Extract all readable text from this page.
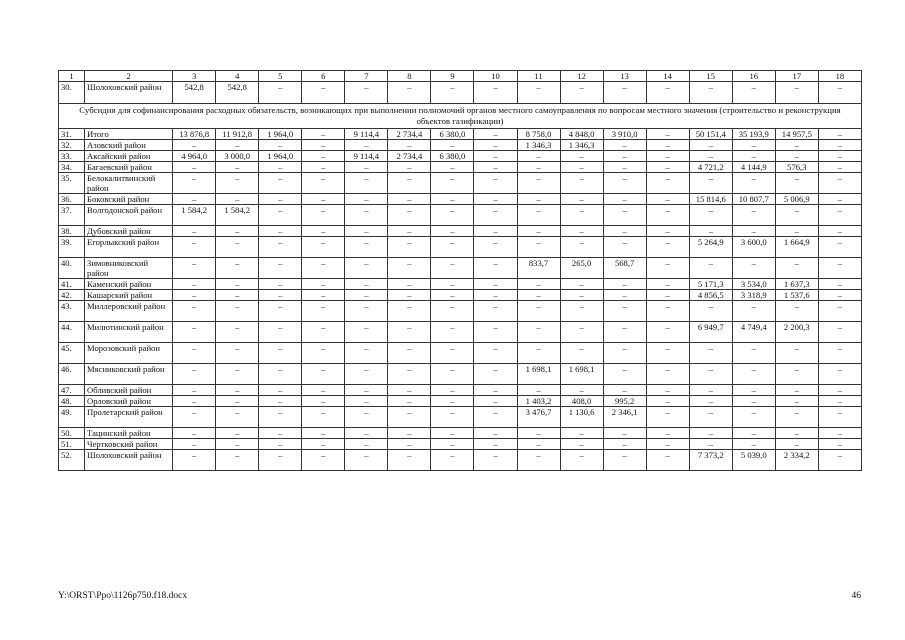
1	2	3	4	5	6	7	8	9	10	11	12	13	14	15	16	17	18
30.	Шолоховский район	542,8	542,8	–	–	–	–	–	–	–	–	–	–	–	–	–	–
Субсидия для софинансирования расходных обязательств, возникающих при выполнении полномочий органов местного самоуправления по вопросам местного значения (строительство и реконструкция объектов газификации)																	
31.	Итого	13 876,8	11 912,8	1 964,0	–	9 114,4	2 734,4	6 380,0	–	8 758,0	4 848,0	3 910,0	–	50 151,4	35 193,9	14 957,5	–
32.	Азовский район	–	–	–	–	–	–	–	–	1 346,3	1 346,3	–	–	–	–	–	–
33.	Аксайский район	4 964,0	3 000,0	1 964,0	–	9 114,4	2 734,4	6 380,0	–	–	–	–	–	–	–	–	–
34.	Багаевский район	–	–	–	–	–	–	–	–	–	–	–	–	4 721,2	4 144,9	576,3	–
35.	Белокалитвинский район	–	–	–	–	–	–	–	–	–	–	–	–	–	–	–	–
36.	Боковский район	–	–	–	–	–	–	–	–	–	–	–	–	15 814,6	10 807,7	5 006,9	–
37.	Волгодонской район	1 584,2	1 584,2	–	–	–	–	–	–	–	–	–	–	–	–	–	–
38.	Дубовский район	–	–	–	–	–	–	–	–	–	–	–	–	–	–	–	–
39.	Егорлыкский район	–	–	–	–	–	–	–	–	–	–	–	–	5 264,9	3 600,0	1 664,9	–
40.	Зимовниковский район	–	–	–	–	–	–	–	–	833,7	265,0	568,7	–	–	–	–	–
41.	Каменский район	–	–	–	–	–	–	–	–	–	–	–	–	5 171,3	3 534,0	1 637,3	–
42.	Кашарский район	–	–	–	–	–	–	–	–	–	–	–	–	4 856,5	3 318,9	1 537,6	–
43.	Миллеровский район	–	–	–	–	–	–	–	–	–	–	–	–	–	–	–	–
44.	Милютинский район	–	–	–	–	–	–	–	–	–	–	–	–	6 949,7	4 749,4	2 200,3	–
45.	Морозовский район	–	–	–	–	–	–	–	–	–	–	–	–	–	–	–	–
46.	Мясниковский район	–	–	–	–	–	–	–	–	1 698,1	1 698,1	–	–	–	–	–	–
47.	Обливский район	–	–	–	–	–	–	–	–	–	–	–	–	–	–	–	–
48.	Орловский район	–	–	–	–	–	–	–	–	1 403,2	408,0	995,2	–	–	–	–	–
49.	Пролетарский район	–	–	–	–	–	–	–	–	3 476,7	1 130,6	2 346,1	–	–	–	–	–
50.	Тацинский район	–	–	–	–	–	–	–	–	–	–	–	–	–	–	–	–
51.	Чертковский район	–	–	–	–	–	–	–	–	–	–	–	–	–	–	–	–
52.	Шолоховский район	–	–	–	–	–	–	–	–	–	–	–	–	7 373,2	5 039,0	2 334,2	–
Y:\ORST\Ppo\1126p750.f18.docx	46
